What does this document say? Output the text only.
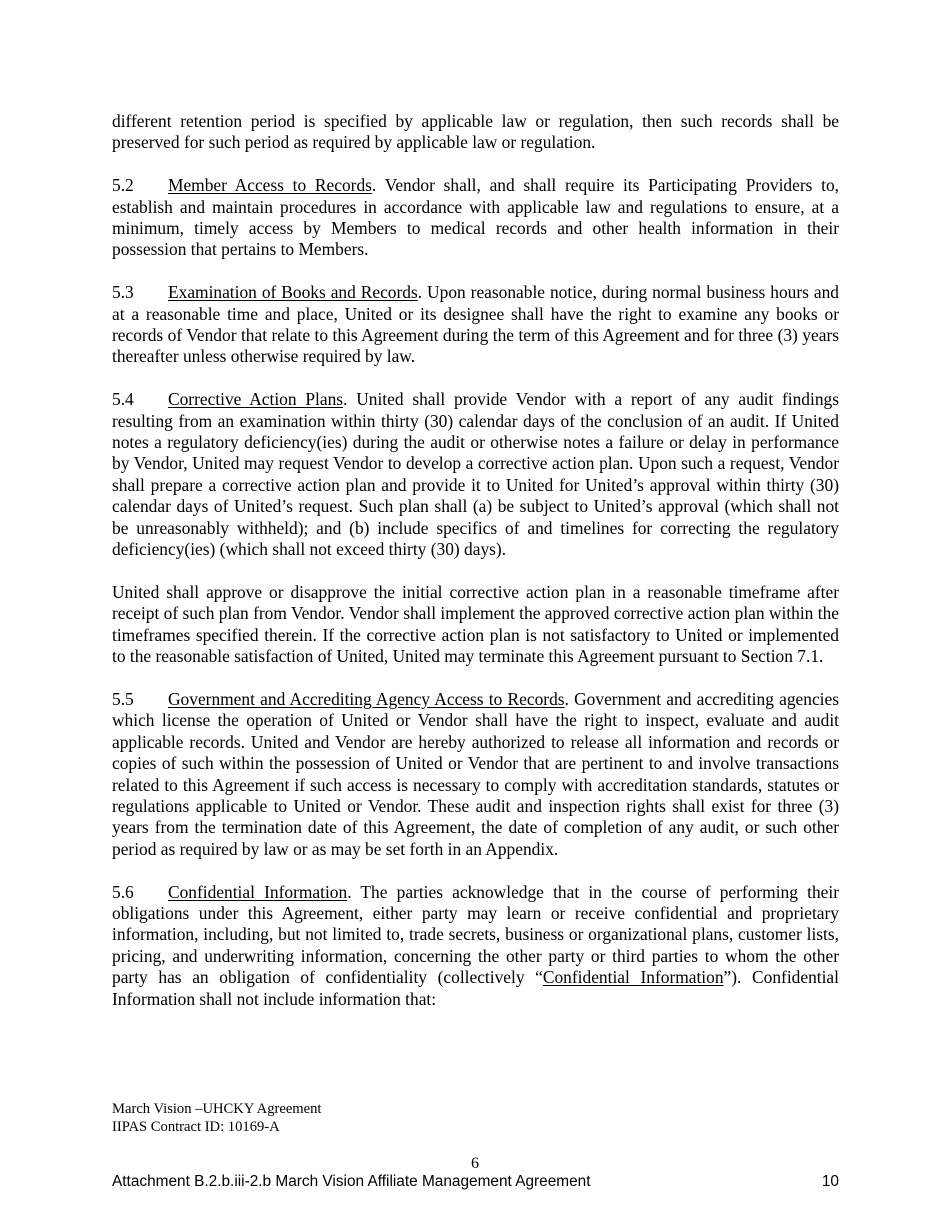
different retention period is specified by applicable law or regulation, then such records shall be preserved for such period as required by applicable law or regulation.

5.2 Member Access to Records. Vendor shall, and shall require its Participating Providers to, establish and maintain procedures in accordance with applicable law and regulations to ensure, at a minimum, timely access by Members to medical records and other health information in their possession that pertains to Members.

5.3 Examination of Books and Records. Upon reasonable notice, during normal business hours and at a reasonable time and place, United or its designee shall have the right to examine any books or records of Vendor that relate to this Agreement during the term of this Agreement and for three (3) years thereafter unless otherwise required by law.

5.4 Corrective Action Plans. United shall provide Vendor with a report of any audit findings resulting from an examination within thirty (30) calendar days of the conclusion of an audit. If United notes a regulatory deficiency(ies) during the audit or otherwise notes a failure or delay in performance by Vendor, United may request Vendor to develop a corrective action plan. Upon such a request, Vendor shall prepare a corrective action plan and provide it to United for United’s approval within thirty (30) calendar days of United’s request. Such plan shall (a) be subject to United’s approval (which shall not be unreasonably withheld); and (b) include specifics of and timelines for correcting the regulatory deficiency(ies) (which shall not exceed thirty (30) days).

United shall approve or disapprove the initial corrective action plan in a reasonable timeframe after receipt of such plan from Vendor. Vendor shall implement the approved corrective action plan within the timeframes specified therein. If the corrective action plan is not satisfactory to United or implemented to the reasonable satisfaction of United, United may terminate this Agreement pursuant to Section 7.1.

5.5 Government and Accrediting Agency Access to Records. Government and accrediting agencies which license the operation of United or Vendor shall have the right to inspect, evaluate and audit applicable records. United and Vendor are hereby authorized to release all information and records or copies of such within the possession of United or Vendor that are pertinent to and involve transactions related to this Agreement if such access is necessary to comply with accreditation standards, statutes or regulations applicable to United or Vendor. These audit and inspection rights shall exist for three (3) years from the termination date of this Agreement, the date of completion of any audit, or such other period as required by law or as may be set forth in an Appendix.

5.6 Confidential Information. The parties acknowledge that in the course of performing their obligations under this Agreement, either party may learn or receive confidential and proprietary information, including, but not limited to, trade secrets, business or organizational plans, customer lists, pricing, and underwriting information, concerning the other party or third parties to whom the other party has an obligation of confidentiality (collectively “Confidential Information”). Confidential Information shall not include information that:

March Vision –UHCKY Agreement
IIPAS Contract ID: 10169-A
6
Attachment B.2.b.iii-2.b March Vision Affiliate Management Agreement	10
